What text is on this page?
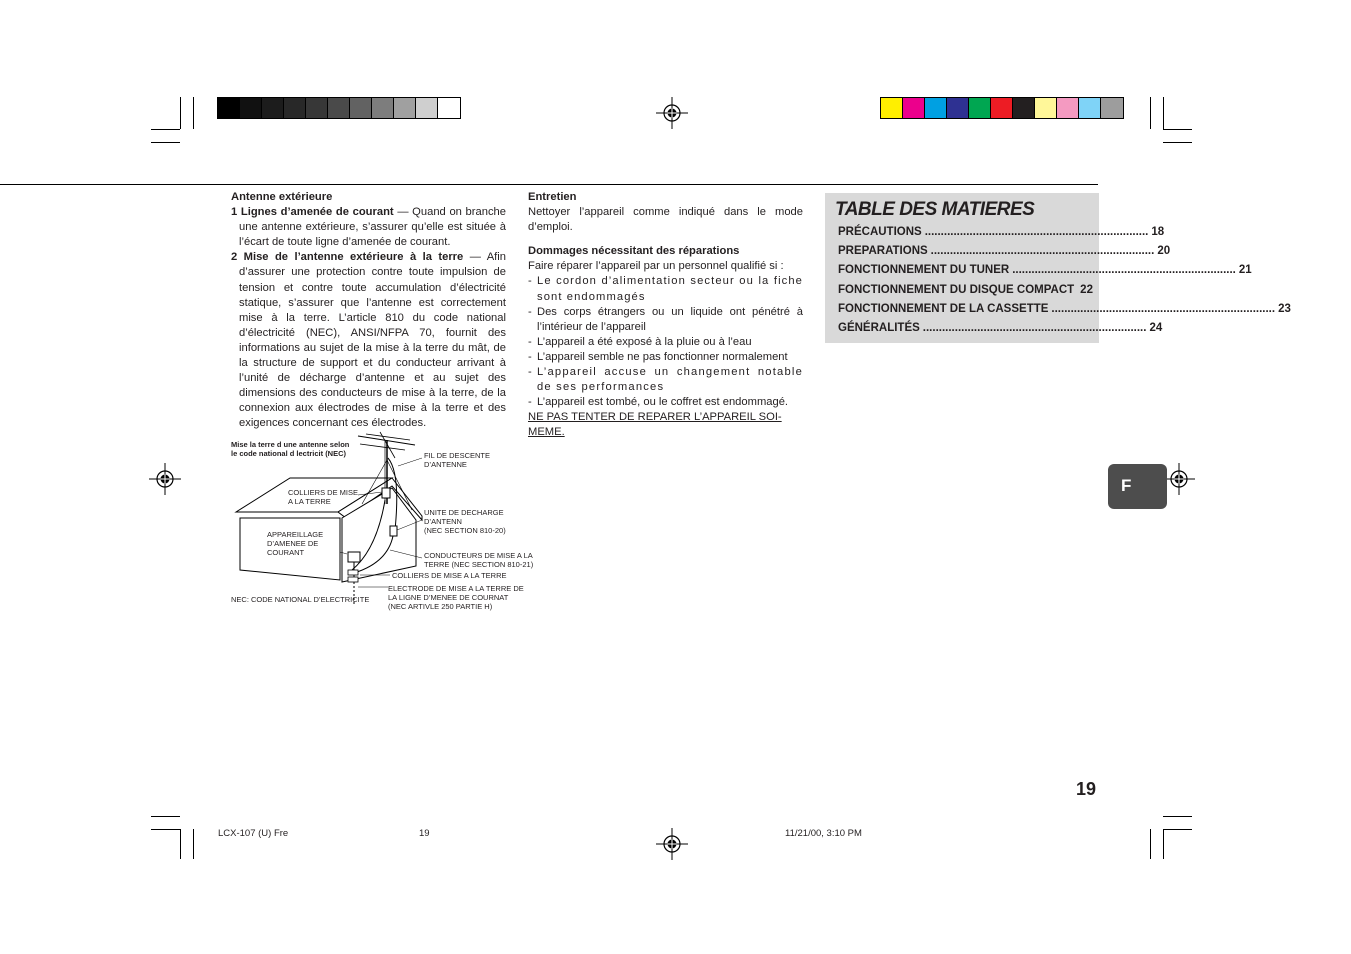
Antenne extérieure
1 Lignes d’amenée de courant — Quand on branche une antenne extérieure, s’assurer qu’elle est située à l’écart de toute ligne d’amenée de courant.
2 Mise de l’antenne extérieure à la terre — Afin d’assurer une protection contre toute impulsion de tension et contre toute accumulation d’électricité statique, s’assurer que l’antenne est correctement mise à la terre. L’article 810 du code national d’électricité (NEC), ANSI/NFPA 70, fournit des informations au sujet de la mise à la terre du mât, de la structure de support et du conducteur arrivant à l’unité de décharge d’antenne et au sujet des dimensions des conducteurs de mise à la terre, de la connexion aux électrodes de mise à la terre et des exigences concernant ces électrodes.
Mise la terre d une antenne selon
le code national d lectricit (NEC)	FIL DE DESCENTE
D’ANTENNE
COLLIERS DE MISE
A LA TERRE
UNITE DE DECHARGE
D’ANTENN
(NEC SECTION 810-20)
APPAREILLAGE
D’AMENEE DE
COURANT	CONDUCTEURS DE MISE A LA
TERRE (NEC SECTION 810-21)
COLLIERS DE MISE A LA TERRE
NEC: CODE NATIONAL D’ELECTRICITE
ELECTRODE DE MISE A LA TERRE DE
LA LIGNE D’MENEE DE COURNAT
(NEC ARTIVLE 250 PARTIE H)
Entretien
Nettoyer l’appareil comme indiqué dans le mode d’emploi.
Dommages nécessitant des réparations
Faire réparer l’appareil par un personnel qualifié si :
- Le cordon d’alimentation secteur ou la fiche sont endommagés
- Des corps étrangers ou un liquide ont pénétré à l’intérieur de l’appareil
- L’appareil a été exposé à la pluie ou à l’eau
- L’appareil semble ne pas fonctionner normalement
- L’appareil accuse un changement notable de ses performances
- L’appareil est tombé, ou le coffret est endommagé.
NE PAS TENTER DE REPARER L’APPAREIL SOI-MEME.
TABLE DES MATIERES
PRÉCAUTIONS ...................................................................... 18
PREPARATIONS ...................................................................... 20
FONCTIONNEMENT DU TUNER ...................................................................... 21
FONCTIONNEMENT DU DISQUE COMPACT 22
FONCTIONNEMENT DE LA CASSETTE ...................................................................... 23
GÉNÉRALITÉS ...................................................................... 24
F
19
LCX-107 (U) Fre	19	11/21/00, 3:10 PM
